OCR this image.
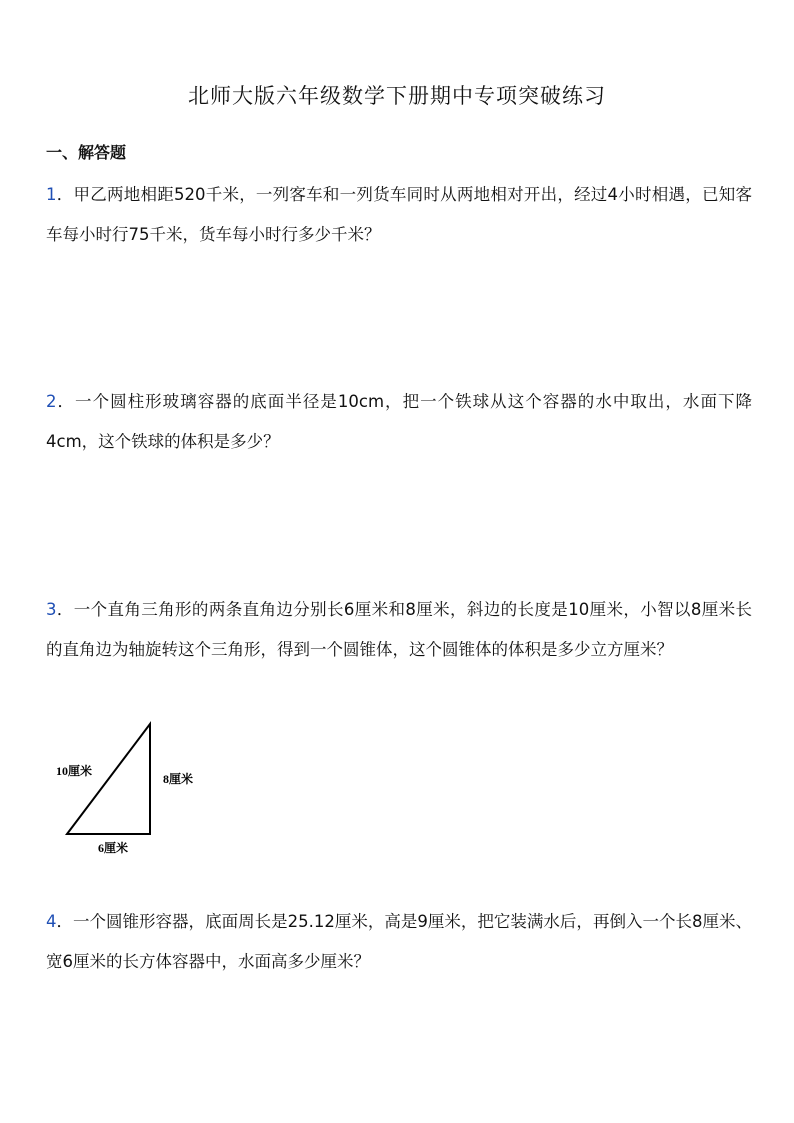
北师大版六年级数学下册期中专项突破练习
一、解答题
1．甲乙两地相距520千米，一列客车和一列货车同时从两地相对开出，经过4小时相遇，已知客车每小时行75千米，货车每小时行多少千米？
2．一个圆柱形玻璃容器的底面半径是10cm，把一个铁球从这个容器的水中取出，水面下降4cm，这个铁球的体积是多少？
3．一个直角三角形的两条直角边分别长6厘米和8厘米，斜边的长度是10厘米，小智以8厘米长的直角边为轴旋转这个三角形，得到一个圆锥体，这个圆锥体的体积是多少立方厘米？
10厘米
8厘米
6厘米
4．一个圆锥形容器，底面周长是25.12厘米，高是9厘米，把它装满水后，再倒入一个长8厘米、宽6厘米的长方体容器中，水面高多少厘米？
